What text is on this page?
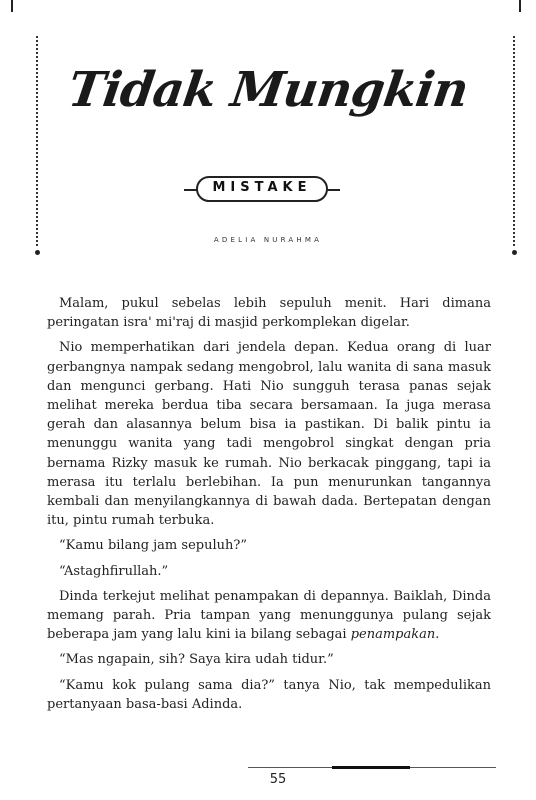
Tidak Mungkin
MISTAKE
ADELIA NURAHMA

Malam, pukul sebelas lebih sepuluh menit. Hari dimana peringatan isra' mi'raj di masjid perkomplekan digelar.

Nio memperhatikan dari jendela depan. Kedua orang di luar gerbangnya nampak sedang mengobrol, lalu wanita di sana masuk dan mengunci gerbang. Hati Nio sungguh terasa panas sejak melihat mereka berdua tiba secara bersamaan. Ia juga merasa gerah dan alasannya belum bisa ia pastikan. Di balik pintu ia menunggu wanita yang tadi mengobrol singkat dengan pria bernama Rizky masuk ke rumah. Nio berkacak pinggang, tapi ia merasa itu terlalu berlebihan. Ia pun menurunkan tangannya kembali dan menyilangkannya di bawah dada. Bertepatan dengan itu, pintu rumah terbuka.

“Kamu bilang jam sepuluh?”

“Astaghfirullah.”

Dinda terkejut melihat penampakan di depannya. Baiklah, Dinda memang parah. Pria tampan yang menunggunya pulang sejak beberapa jam yang lalu kini ia bilang sebagai penampakan.

“Mas ngapain, sih? Saya kira udah tidur.”

“Kamu kok pulang sama dia?” tanya Nio, tak mempedulikan pertanyaan basa-basi Adinda.

55
